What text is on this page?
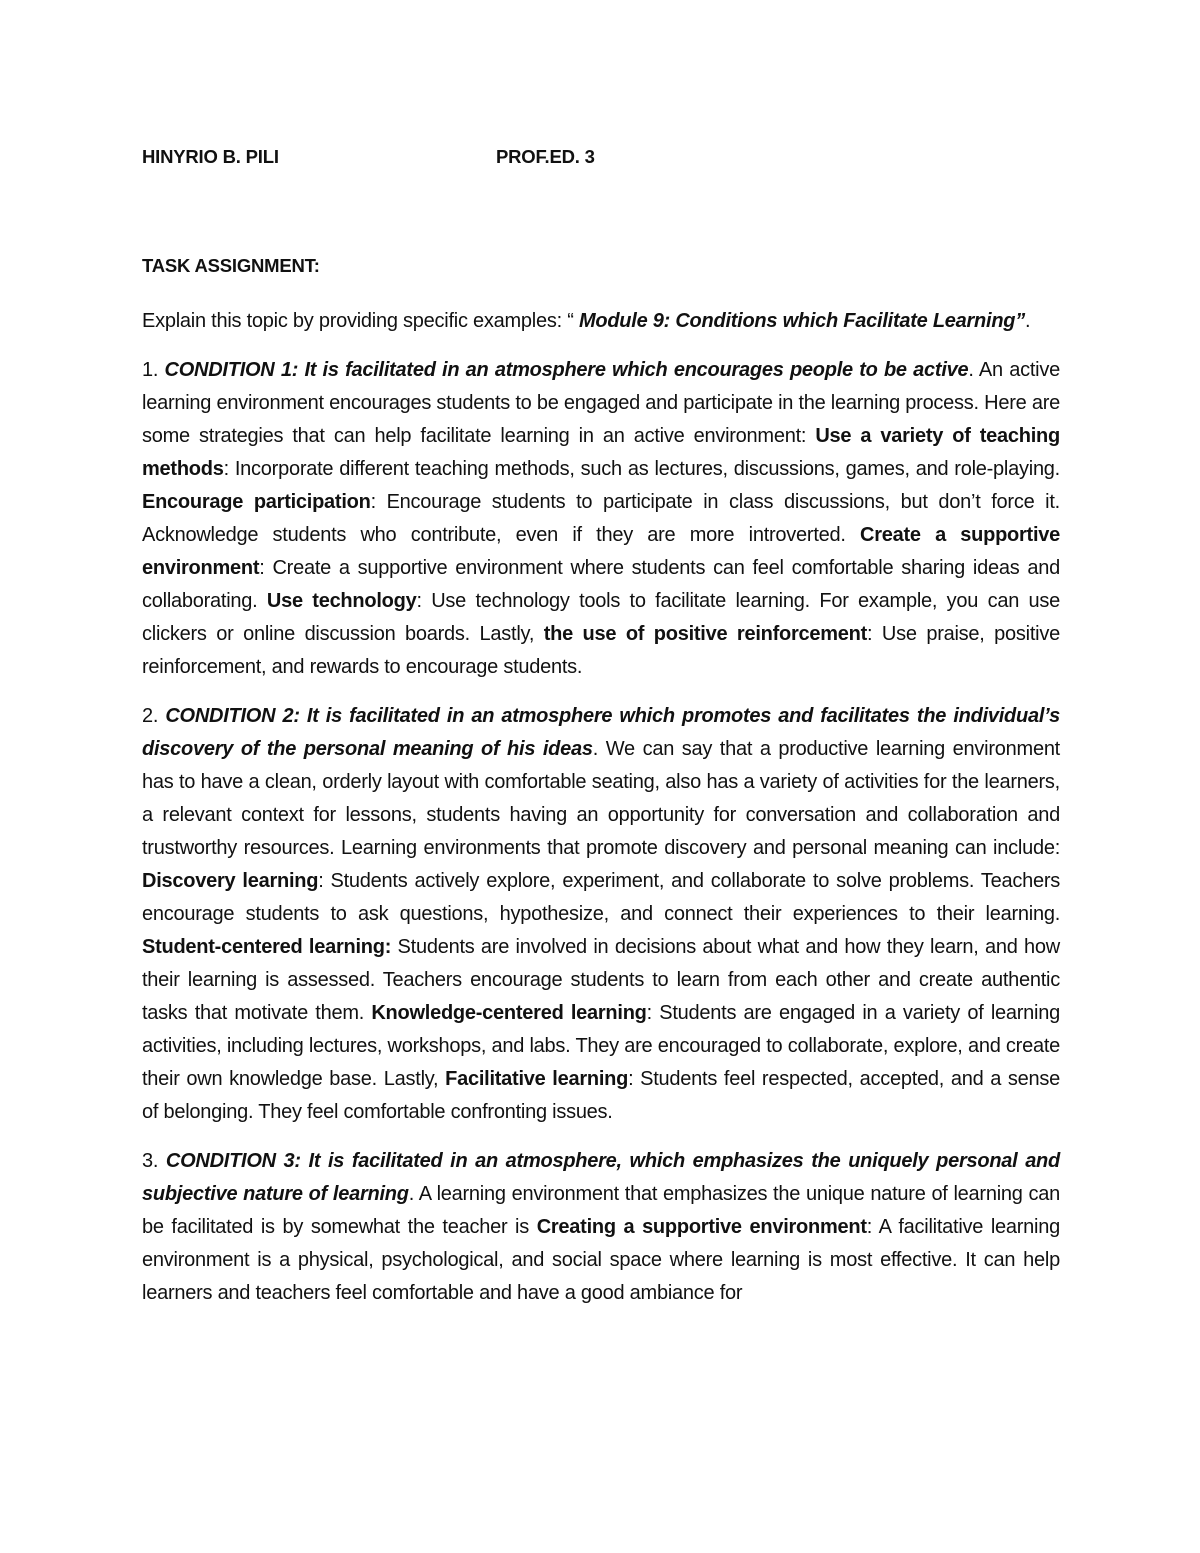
HINYRIO B. PILI	PROF.ED. 3
TASK ASSIGNMENT:

Explain this topic by providing specific examples: “ Module 9: Conditions which Facilitate Learning”.

1. CONDITION 1: It is facilitated in an atmosphere which encourages people to be active. An active learning environment encourages students to be engaged and participate in the learning process. Here are some strategies that can help facilitate learning in an active environment: Use a variety of teaching methods: Incorporate different teaching methods, such as lectures, discussions, games, and role-playing. Encourage participation: Encourage students to participate in class discussions, but don’t force it. Acknowledge students who contribute, even if they are more introverted. Create a supportive environment: Create a supportive environment where students can feel comfortable sharing ideas and collaborating. Use technology: Use technology tools to facilitate learning. For example, you can use clickers or online discussion boards. Lastly, the use of positive reinforcement: Use praise, positive reinforcement, and rewards to encourage students.

2. CONDITION 2: It is facilitated in an atmosphere which promotes and facilitates the individual’s discovery of the personal meaning of his ideas. We can say that a productive learning environment has to have a clean, orderly layout with comfortable seating, also has a variety of activities for the learners, a relevant context for lessons, students having an opportunity for conversation and collaboration and trustworthy resources. Learning environments that promote discovery and personal meaning can include: Discovery learning: Students actively explore, experiment, and collaborate to solve problems. Teachers encourage students to ask questions, hypothesize, and connect their experiences to their learning. Student-centered learning: Students are involved in decisions about what and how they learn, and how their learning is assessed. Teachers encourage students to learn from each other and create authentic tasks that motivate them. Knowledge-centered learning: Students are engaged in a variety of learning activities, including lectures, workshops, and labs. They are encouraged to collaborate, explore, and create their own knowledge base. Lastly, Facilitative learning: Students feel respected, accepted, and a sense of belonging. They feel comfortable confronting issues.

3. CONDITION 3: It is facilitated in an atmosphere, which emphasizes the uniquely personal and subjective nature of learning. A learning environment that emphasizes the unique nature of learning can be facilitated is by somewhat the teacher is Creating a supportive environment: A facilitative learning environment is a physical, psychological, and social space where learning is most effective. It can help learners and teachers feel comfortable and have a good ambiance for
